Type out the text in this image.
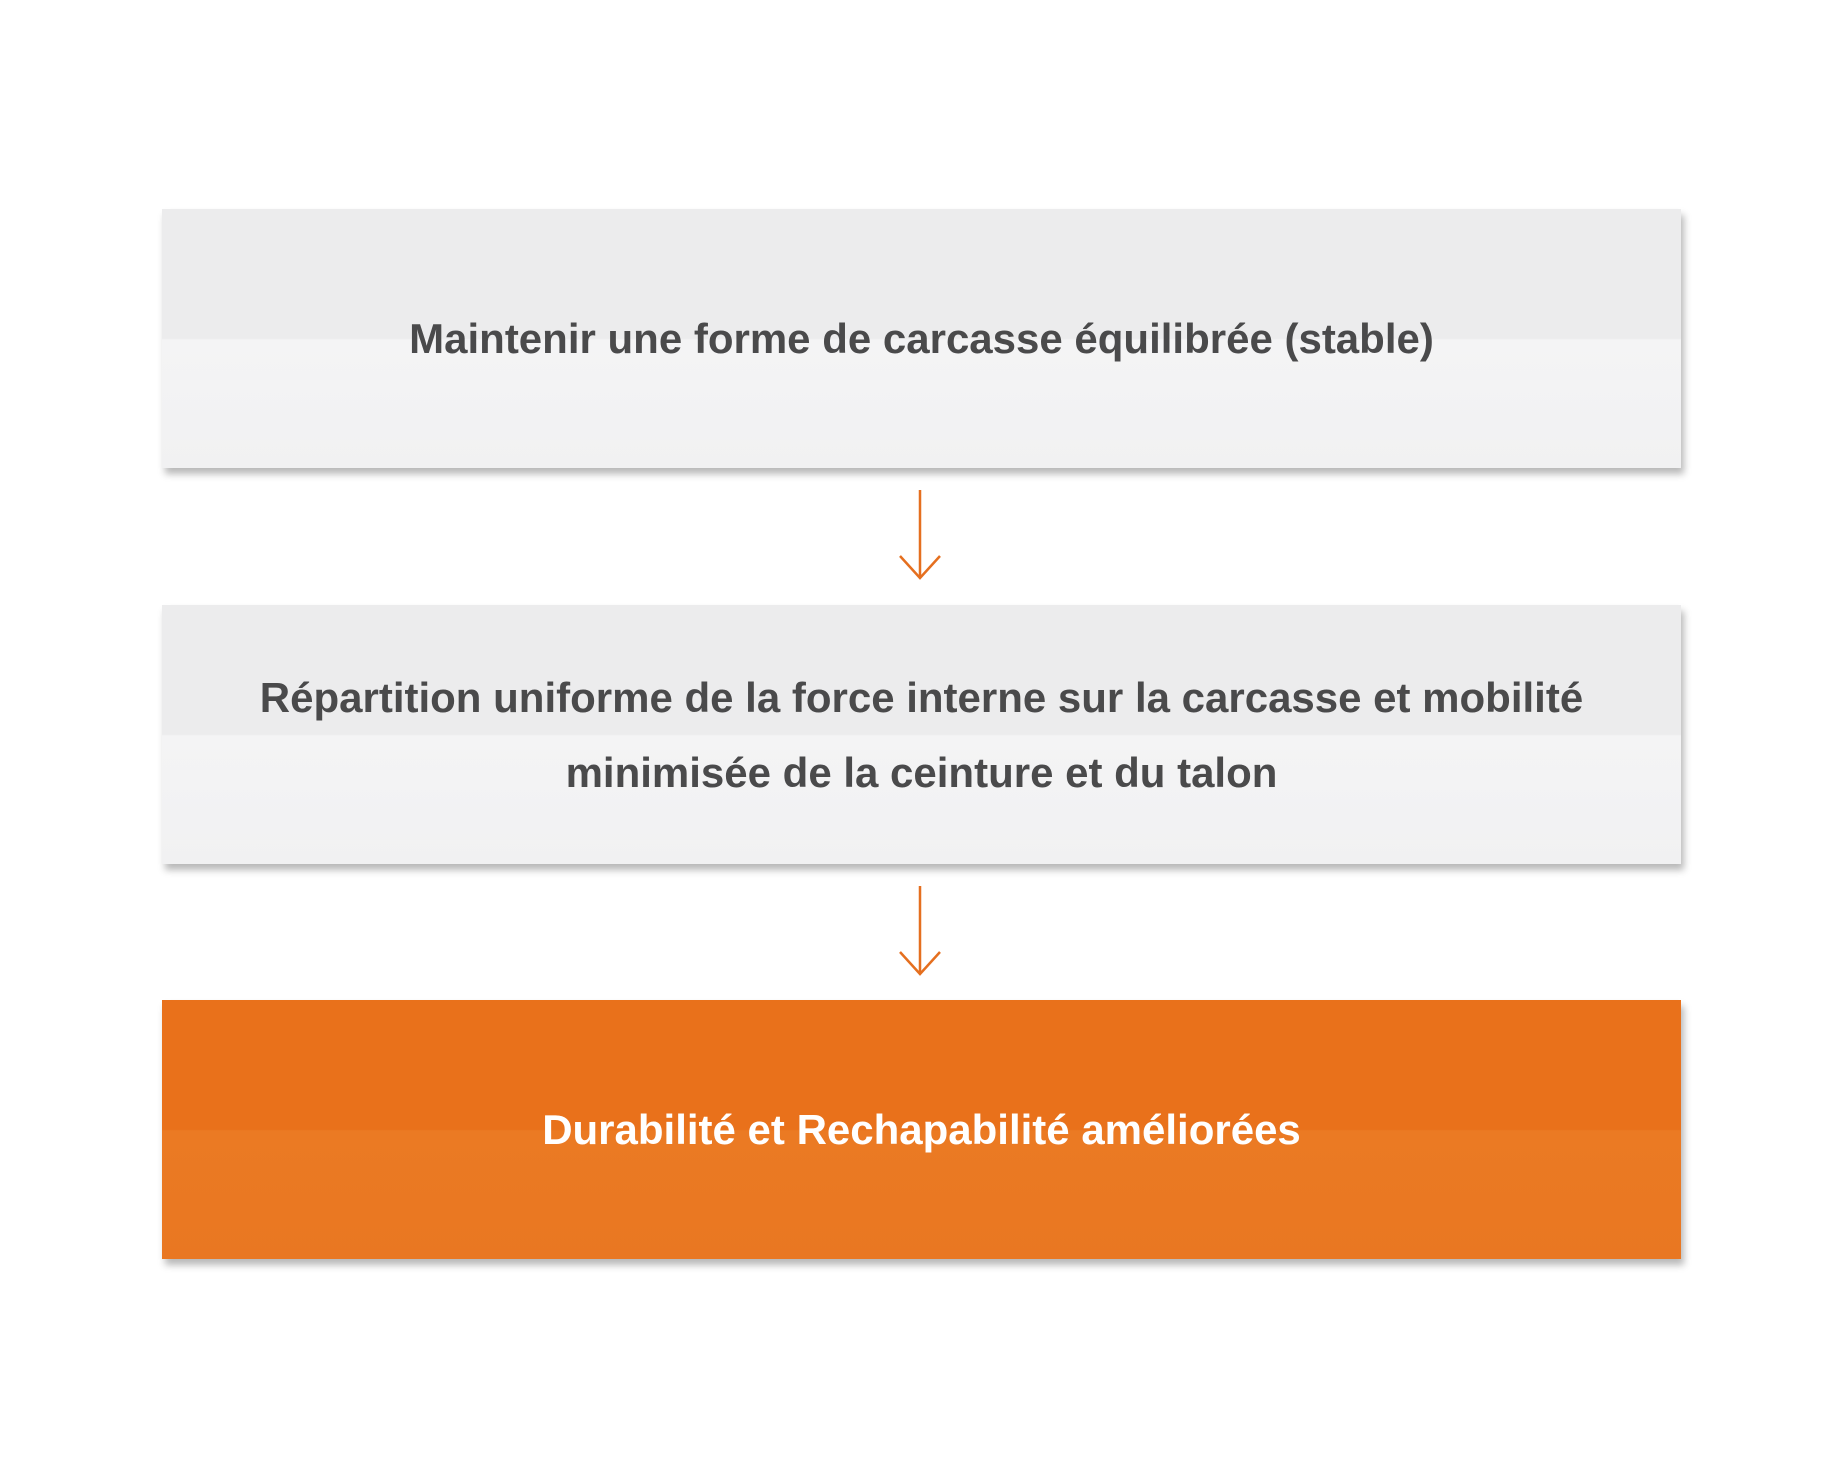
Maintenir une forme de carcasse équilibrée (stable)
Répartition uniforme de la force interne sur la carcasse et mobilité minimisée de la ceinture et du talon
Durabilité et Rechapabilité améliorées
